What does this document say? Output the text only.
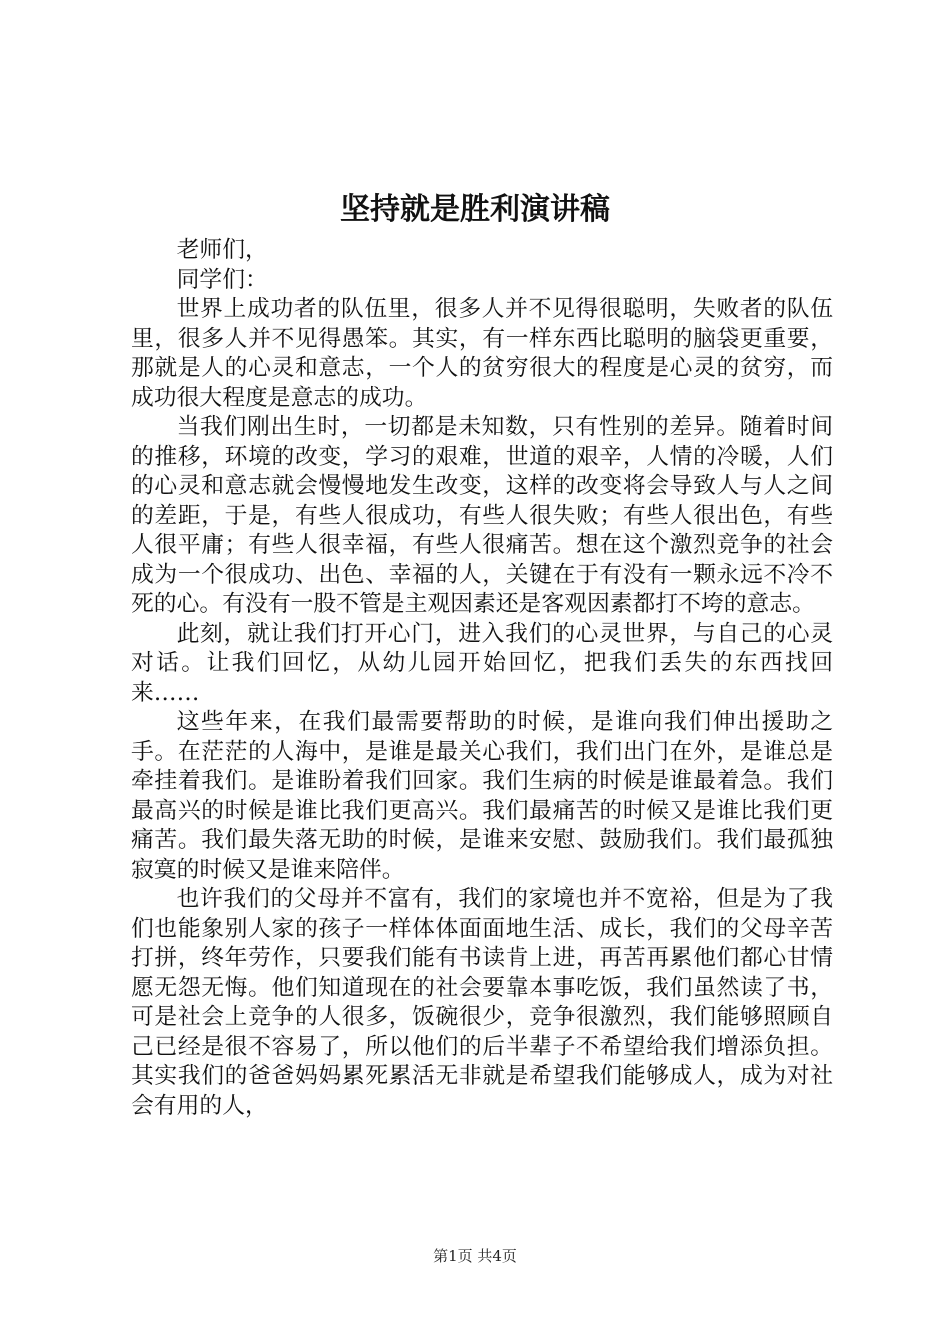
坚持就是胜利演讲稿

老师们，

同学们：

世界上成功者的队伍里，很多人并不见得很聪明，失败者的队伍里，很多人并不见得愚笨。其实，有一样东西比聪明的脑袋更重要，那就是人的心灵和意志，一个人的贫穷很大的程度是心灵的贫穷，而成功很大程度是意志的成功。

当我们刚出生时，一切都是未知数，只有性别的差异。随着时间的推移，环境的改变，学习的艰难，世道的艰辛，人情的冷暖，人们的心灵和意志就会慢慢地发生改变，这样的改变将会导致人与人之间的差距，于是，有些人很成功，有些人很失败；有些人很出色，有些人很平庸；有些人很幸福，有些人很痛苦。想在这个激烈竞争的社会成为一个很成功、出色、幸福的人，关键在于有没有一颗永远不冷不死的心。有没有一股不管是主观因素还是客观因素都打不垮的意志。

此刻，就让我们打开心门，进入我们的心灵世界，与自己的心灵对话。让我们回忆，从幼儿园开始回忆，把我们丢失的东西找回来……

这些年来，在我们最需要帮助的时候，是谁向我们伸出援助之手。在茫茫的人海中，是谁是最关心我们，我们出门在外，是谁总是牵挂着我们。是谁盼着我们回家。我们生病的时候是谁最着急。我们最高兴的时候是谁比我们更高兴。我们最痛苦的时候又是谁比我们更痛苦。我们最失落无助的时候，是谁来安慰、鼓励我们。我们最孤独寂寞的时候又是谁来陪伴。

也许我们的父母并不富有，我们的家境也并不宽裕，但是为了我们也能象别人家的孩子一样体体面面地生活、成长，我们的父母辛苦打拼，终年劳作，只要我们能有书读肯上进，再苦再累他们都心甘情愿无怨无悔。他们知道现在的社会要靠本事吃饭，我们虽然读了书，可是社会上竞争的人很多，饭碗很少，竞争很激烈，我们能够照顾自己已经是很不容易了，所以他们的后半辈子不希望给我们增添负担。其实我们的爸爸妈妈累死累活无非就是希望我们能够成人，成为对社会有用的人，

第1页 共4页
